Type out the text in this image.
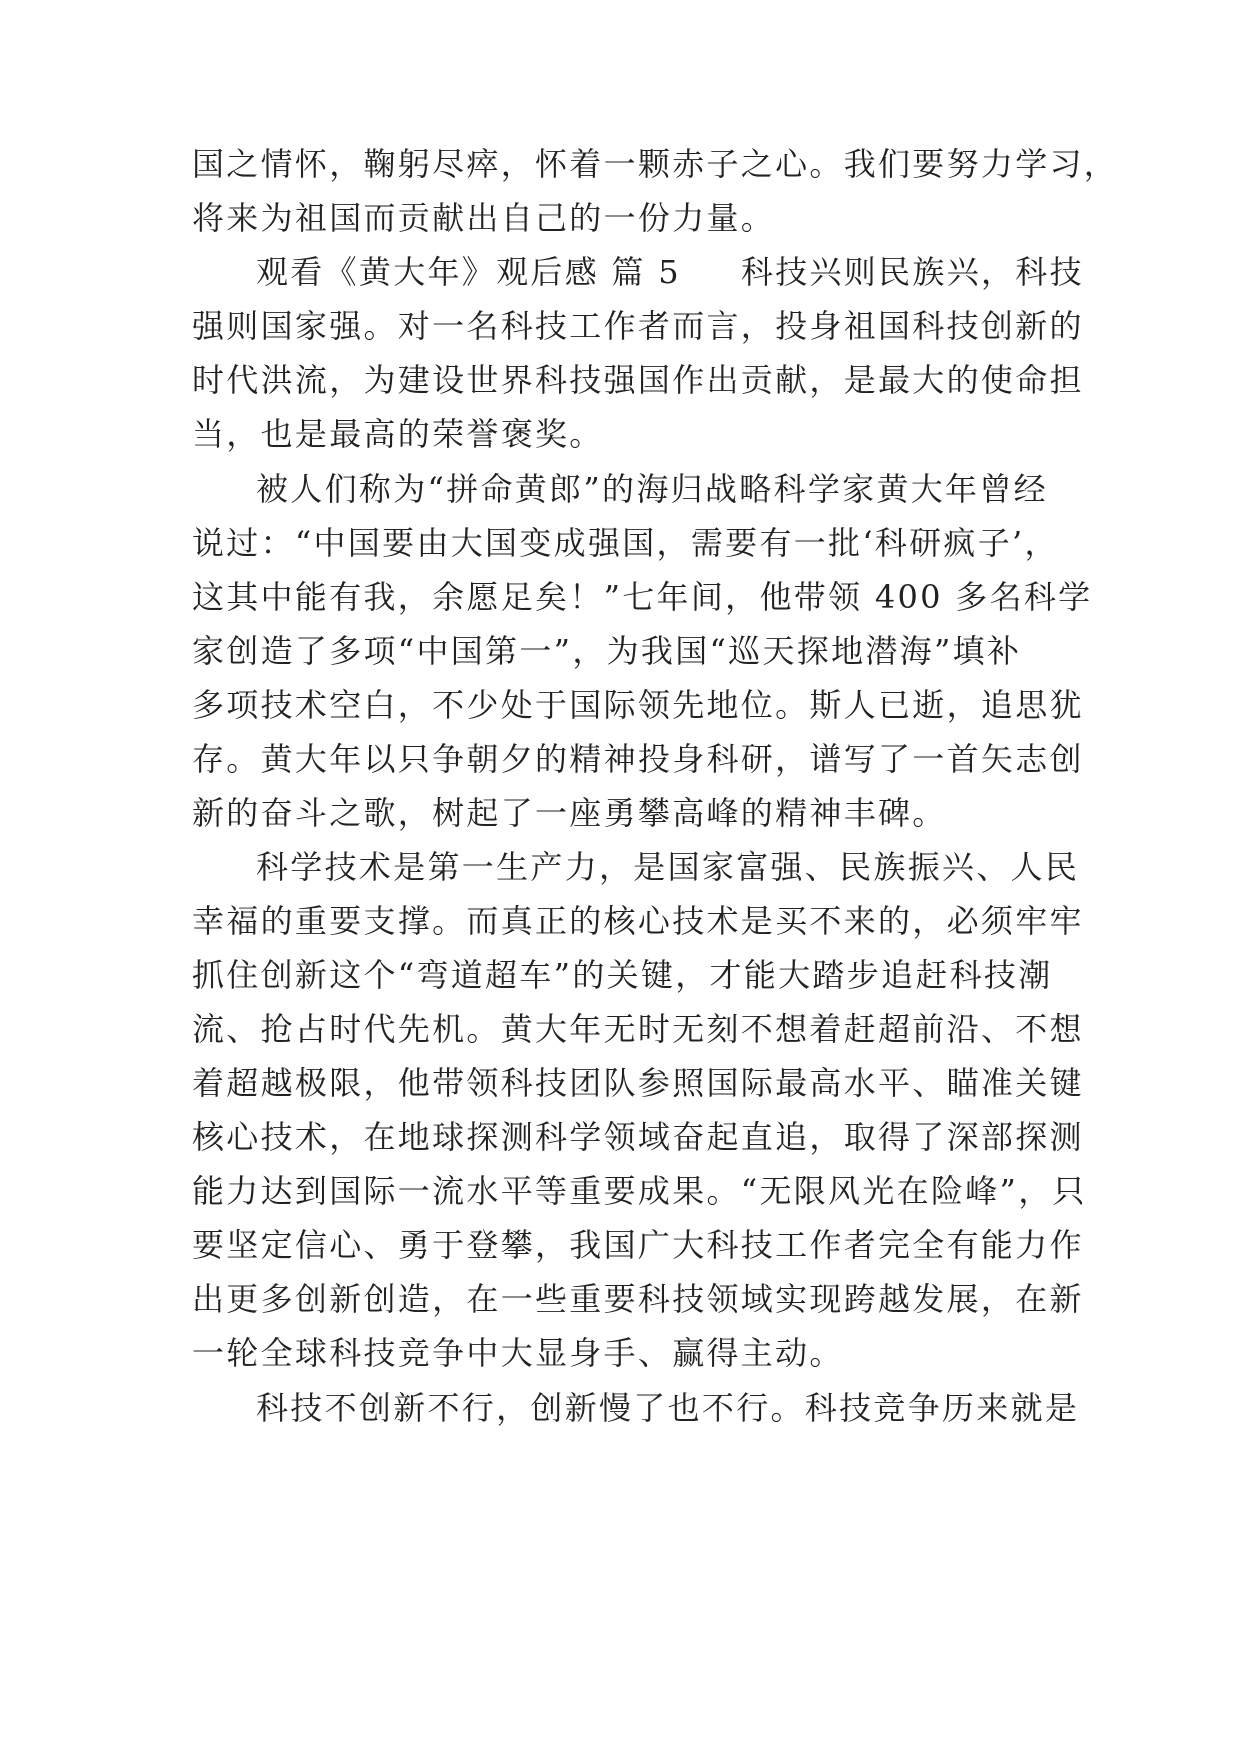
国之情怀，鞠躬尽瘁，怀着一颗赤子之心。我们要努力学习，
将来为祖国而贡献出自己的一份力量。
观看《黄大年》观后感 篇 5 科技兴则民族兴，科技
强则国家强。对一名科技工作者而言，投身祖国科技创新的
时代洪流，为建设世界科技强国作出贡献，是最大的使命担
当，也是最高的荣誉褒奖。
被人们称为“拼命黄郎”的海归战略科学家黄大年曾经
说过：“中国要由大国变成强国，需要有一批‘科研疯子’，
这其中能有我，余愿足矣！”七年间，他带领 400 多名科学
家创造了多项“中国第一”，为我国“巡天探地潜海”填补
多项技术空白，不少处于国际领先地位。斯人已逝，追思犹
存。黄大年以只争朝夕的精神投身科研，谱写了一首矢志创
新的奋斗之歌，树起了一座勇攀高峰的精神丰碑。
科学技术是第一生产力，是国家富强、民族振兴、人民
幸福的重要支撑。而真正的核心技术是买不来的，必须牢牢
抓住创新这个“弯道超车”的关键，才能大踏步追赶科技潮
流、抢占时代先机。黄大年无时无刻不想着赶超前沿、不想
着超越极限，他带领科技团队参照国际最高水平、瞄准关键
核心技术，在地球探测科学领域奋起直追，取得了深部探测
能力达到国际一流水平等重要成果。“无限风光在险峰”，只
要坚定信心、勇于登攀，我国广大科技工作者完全有能力作
出更多创新创造，在一些重要科技领域实现跨越发展，在新
一轮全球科技竞争中大显身手、赢得主动。
科技不创新不行，创新慢了也不行。科技竞争历来就是
